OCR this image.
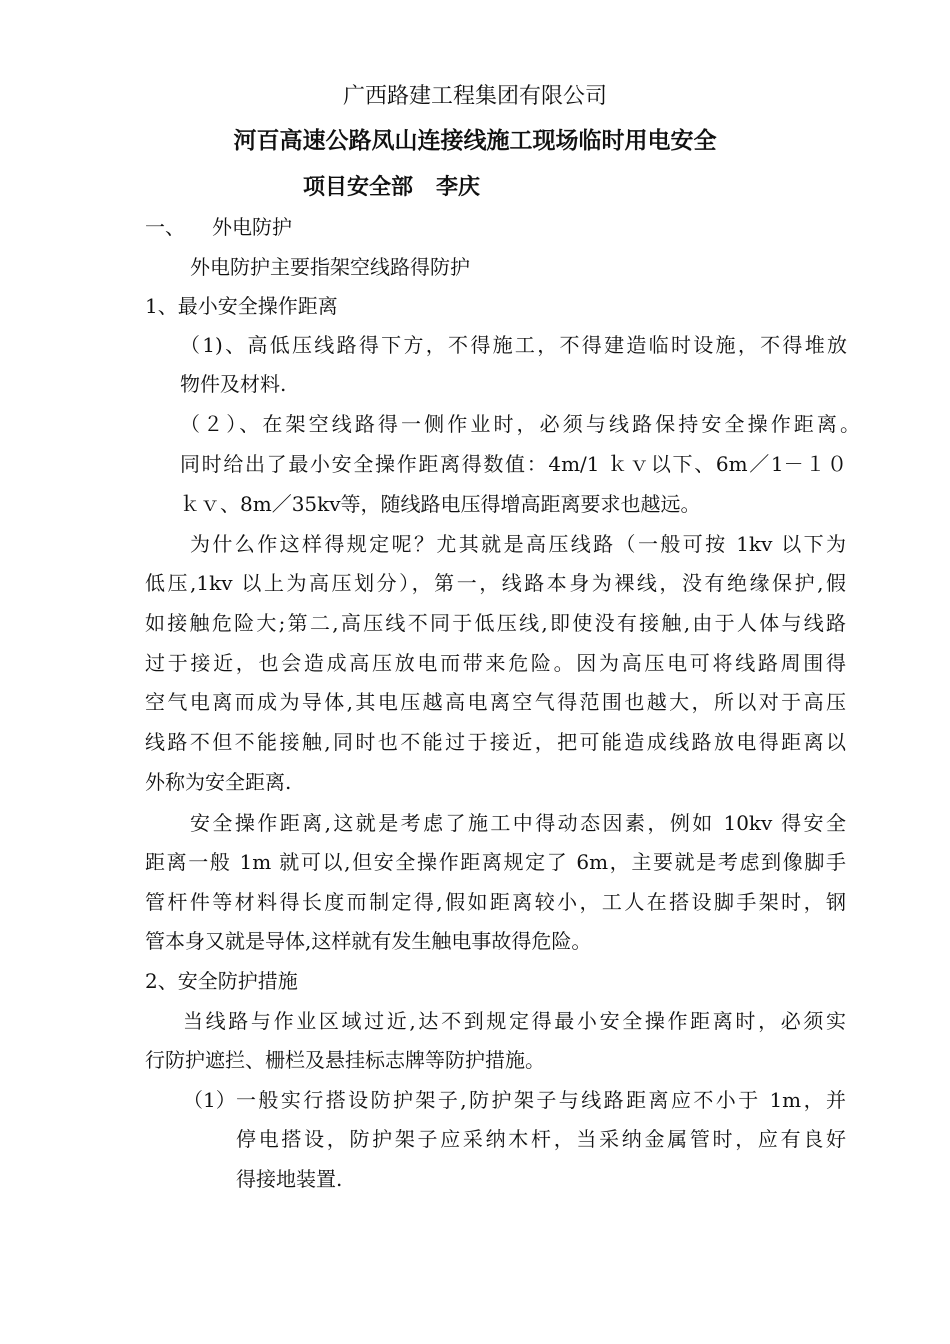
广西路建工程集团有限公司
河百高速公路凤山连接线施工现场临时用电安全
项目安全部   李庆
一、 外电防护
外电防护主要指架空线路得防护
1、最小安全操作距离
（1)、高低压线路得下方，不得施工，不得建造临时设施，不得堆放
物件及材料.
（２）、在架空线路得一侧作业时，必须与线路保持安全操作距离。
同时给出了最小安全操作距离得数值：4m/1 ｋｖ以下、6m／1－１０
ｋｖ、8m／35kv等，随线路电压得增高距离要求也越远。
为什么作这样得规定呢？尤其就是高压线路（一般可按 1kv 以下为
低压,1kv 以上为高压划分），第一，线路本身为裸线，没有绝缘保护,假
如接触危险大;第二,高压线不同于低压线,即使没有接触,由于人体与线路
过于接近，也会造成高压放电而带来危险。因为高压电可将线路周围得
空气电离而成为导体,其电压越高电离空气得范围也越大，所以对于高压
线路不但不能接触,同时也不能过于接近，把可能造成线路放电得距离以
外称为安全距离.
安全操作距离,这就是考虑了施工中得动态因素，例如 10kv 得安全
距离一般 1m 就可以,但安全操作距离规定了 6m，主要就是考虑到像脚手
管杆件等材料得长度而制定得,假如距离较小，工人在搭设脚手架时，钢
管本身又就是导体,这样就有发生触电事故得危险。
2、安全防护措施
当线路与作业区域过近,达不到规定得最小安全操作距离时，必须实
行防护遮拦、栅栏及悬挂标志牌等防护措施。
（1） 一般实行搭设防护架子,防护架子与线路距离应不小于 1m，并
停电搭设，防护架子应采纳木杆，当采纳金属管时，应有良好
得接地装置.
